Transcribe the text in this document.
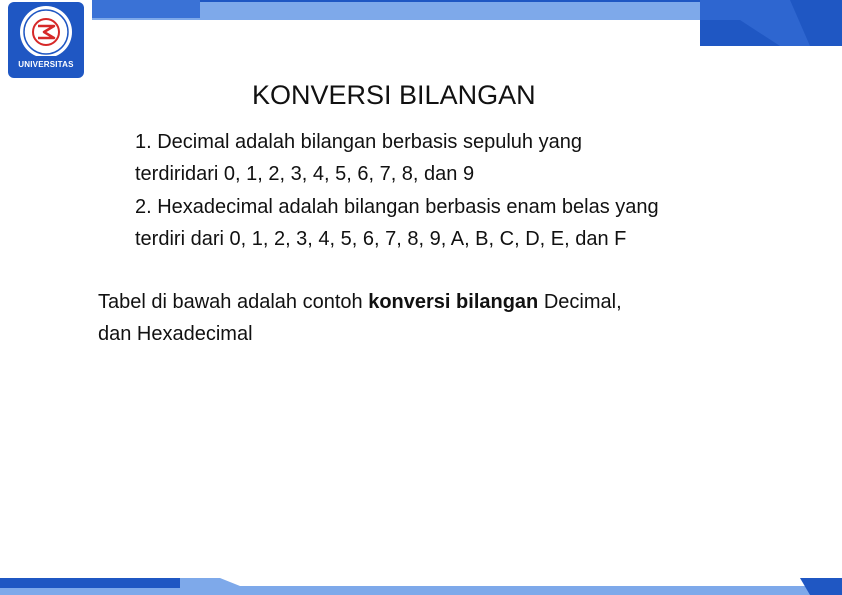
UNIVERSITAS
KONVERSI BILANGAN
1. Decimal adalah bilangan berbasis sepuluh yang
terdiridari 0, 1, 2, 3, 4, 5, 6, 7, 8, dan 9
2. Hexadecimal adalah bilangan berbasis enam belas yang
terdiri dari 0, 1, 2, 3, 4, 5, 6, 7, 8, 9, A, B, C, D, E, dan F
Tabel di bawah adalah contoh konversi bilangan Decimal,
dan Hexadecimal
